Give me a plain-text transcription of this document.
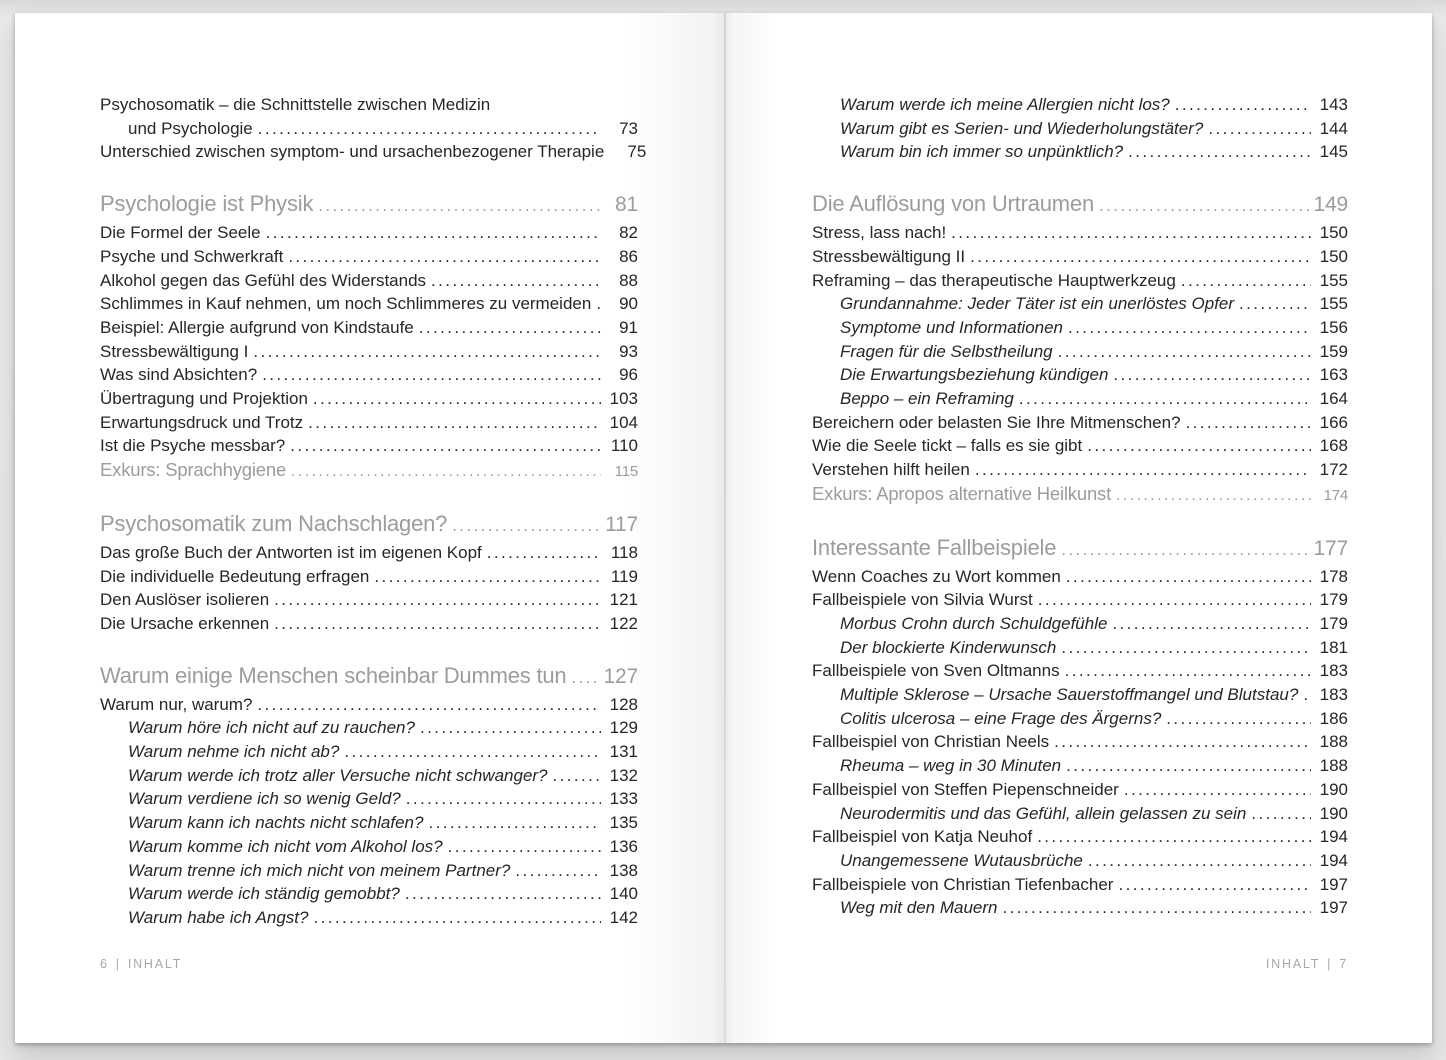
Psychosomatik – die Schnittstelle zwischen Medizin
und Psychologie .....	73
Unterschied zwischen symptom- und ursachenbezogener Therapie	75
Psychologie ist Physik .....	81
Die Formel der Seele .....	82
Psyche und Schwerkraft .....	86
Alkohol gegen das Gefühl des Widerstands .....	88
Schlimmes in Kauf nehmen, um noch Schlimmeres zu vermeiden .....	90
Beispiel: Allergie aufgrund von Kindstaufe .....	91
Stressbewältigung I .....	93
Was sind Absichten? .....	96
Übertragung und Projektion .....	103
Erwartungsdruck und Trotz .....	104
Ist die Psyche messbar? .....	110
Exkurs: Sprachhygiene .....	115
Psychosomatik zum Nachschlagen? .....	117
Das große Buch der Antworten ist im eigenen Kopf .....	118
Die individuelle Bedeutung erfragen .....	119
Den Auslöser isolieren .....	121
Die Ursache erkennen .....	122
Warum einige Menschen scheinbar Dummes tun ..... 127
Warum nur, warum? .....	128
Warum höre ich nicht auf zu rauchen? .....	129
Warum nehme ich nicht ab? .....	131
Warum werde ich trotz aller Versuche nicht schwanger? .....	132
Warum verdiene ich so wenig Geld? .....	133
Warum kann ich nachts nicht schlafen? .....	135
Warum komme ich nicht vom Alkohol los? .....	136
Warum trenne ich mich nicht von meinem Partner? .....	138
Warum werde ich ständig gemobbt? .....	140
Warum habe ich Angst? .....	142
6 | INHALT
Warum werde ich meine Allergien nicht los? .....	143
Warum gibt es Serien- und Wiederholungstäter? .....	144
Warum bin ich immer so unpünktlich? .....	145
Die Auflösung von Urtraumen .....	149
Stress, lass nach! .....	150
Stressbewältigung II .....	150
Reframing – das therapeutische Hauptwerkzeug .....	155
Grundannahme: Jeder Täter ist ein unerlöstes Opfer .....	155
Symptome und Informationen .....	156
Fragen für die Selbstheilung .....	159
Die Erwartungsbeziehung kündigen .....	163
Beppo – ein Reframing .....	164
Bereichern oder belasten Sie Ihre Mitmenschen? .....	166
Wie die Seele tickt – falls es sie gibt .....	168
Verstehen hilft heilen .....	172
Exkurs: Apropos alternative Heilkunst .....	174
Interessante Fallbeispiele .....	177
Wenn Coaches zu Wort kommen .....	178
Fallbeispiele von Silvia Wurst .....	179
Morbus Crohn durch Schuldgefühle .....	179
Der blockierte Kinderwunsch .....	181
Fallbeispiele von Sven Oltmanns .....	183
Multiple Sklerose – Ursache Sauerstoffmangel und Blutstau? .....	183
Colitis ulcerosa – eine Frage des Ärgerns? .....	186
Fallbeispiel von Christian Neels .....	188
Rheuma – weg in 30 Minuten .....	188
Fallbeispiel von Steffen Piepenschneider .....	190
Neurodermitis und das Gefühl, allein gelassen zu sein .....	190
Fallbeispiel von Katja Neuhof .....	194
Unangemessene Wutausbrüche .....	194
Fallbeispiele von Christian Tiefenbacher .....	197
Weg mit den Mauern .....	197
INHALT | 7
